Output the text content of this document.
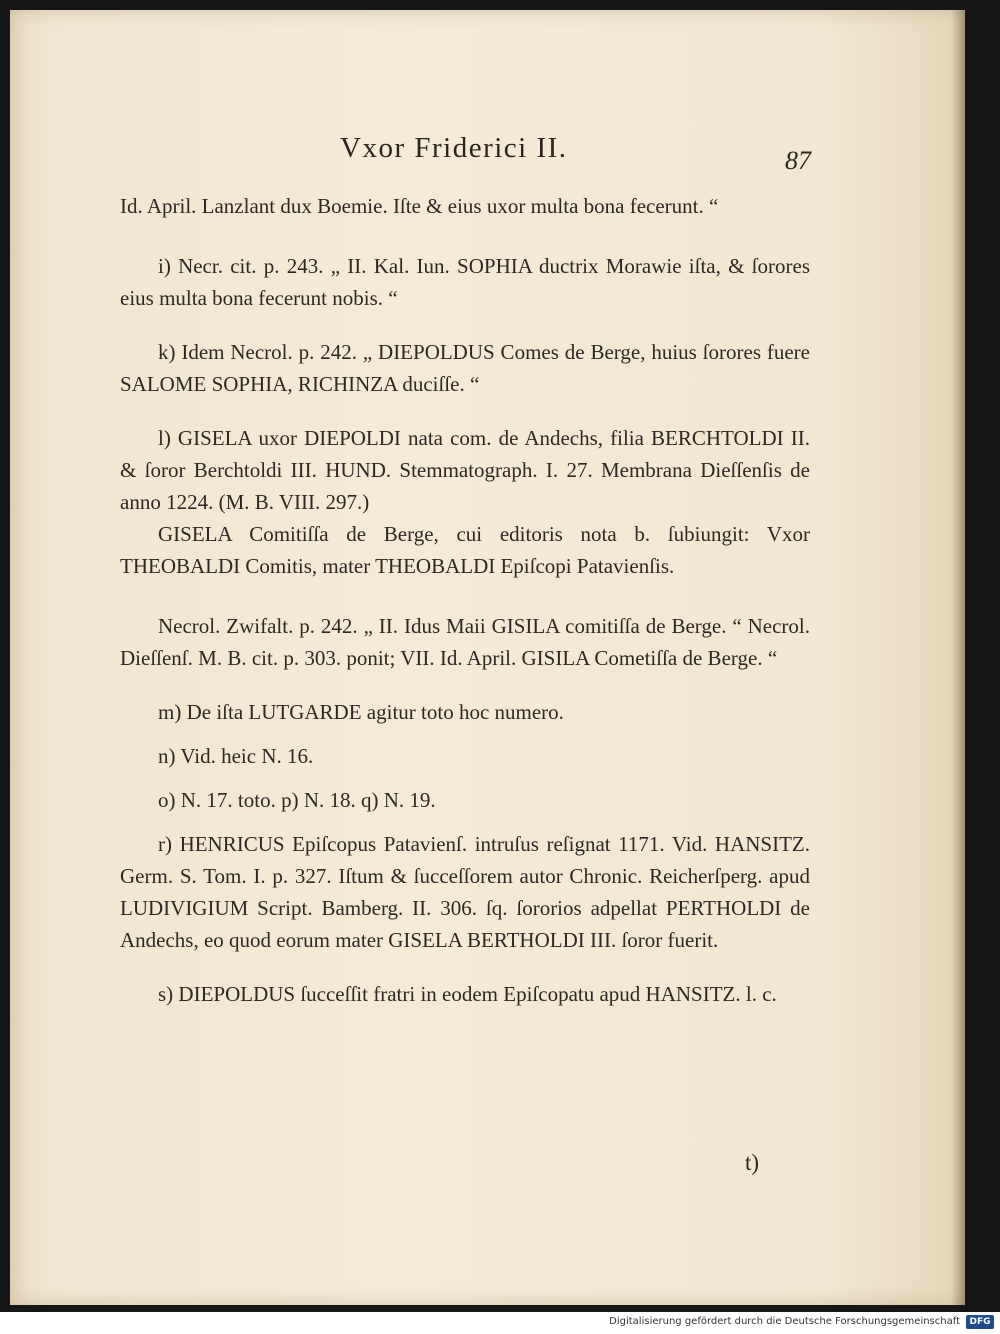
Vxor Friderici II.	87

Id. April. Lanzlant dux Boemie. Iſte & eius uxor multa bona fecerunt. “

i) Necr. cit. p. 243. „ II. Kal. Iun. SOPHIA ductrix Morawie iſta, & ſorores eius multa bona fecerunt nobis. “

k) Idem Necrol. p. 242. „ DIEPOLDUS Comes de Berge, huius ſorores fuere SALOME SOPHIA, RICHINZA duciſſe. “

l) GISELA uxor DIEPOLDI nata com. de Andechs, filia BERCHTOLDI II. & ſoror Berchtoldi III. HUND. Stemmatograph. I. 27. Membrana Dieſſenſis de anno 1224. (M. B. VIII. 297.)

GISELA Comitiſſa de Berge, cui editoris nota b. ſubiungit: Vxor THEOBALDI Comitis, mater THEOBALDI Epiſcopi Patavienſis.

Necrol. Zwifalt. p. 242. „ II. Idus Maii GISILA comitiſſa de Berge. “ Necrol. Dieſſenſ. M. B. cit. p. 303. ponit; VII. Id. April. GISILA Cometiſſa de Berge. “

m) De iſta LUTGARDE agitur toto hoc numero.

n) Vid. heic N. 16.

o) N. 17. toto. p) N. 18. q) N. 19.

r) HENRICUS Epiſcopus Patavienſ. intruſus reſignat 1171. Vid. HANSITZ. Germ. S. Tom. I. p. 327. Iſtum & ſucceſſorem autor Chronic. Reicherſperg. apud LUDIVIGIUM Script. Bamberg. II. 306. ſq. ſororios adpellat PERTHOLDI de Andechs, eo quod eorum mater GISELA BERTHOLDI III. ſoror fuerit.

s) DIEPOLDUS ſucceſſit fratri in eodem Epiſcopatu apud HANSITZ. l. c.

t)
Digitalisierung gefördert durch die Deutsche Forschungsgemeinschaft	DFG
